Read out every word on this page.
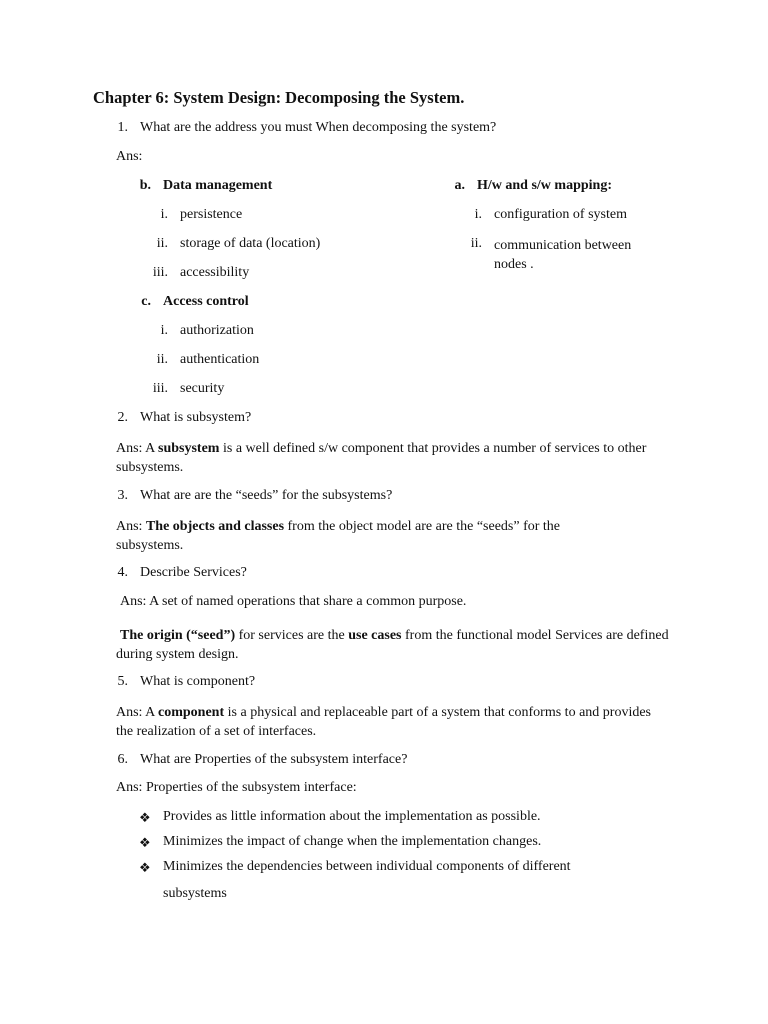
Chapter 6: System Design: Decomposing the System.
1. What are the address you must When decomposing the system?
Ans:
b. Data management
i. persistence
ii. storage of data (location)
iii. accessibility
c. Access control
i. authorization
ii. authentication
iii. security
a. H/w and s/w mapping:
i. configuration of system
ii. communication between nodes .
2. What is subsystem?
Ans: A subsystem is a well defined s/w component that provides a number of services to other subsystems.
3. What are are the “seeds” for the subsystems?
Ans: The objects and classes from the object model are are the “seeds” for the subsystems.
4. Describe Services?
Ans: A set of named operations that share a common purpose.
The origin (“seed”) for services are the use cases from the functional model Services are defined during system design.
5. What is component?
Ans: A component is a physical and replaceable part of a system that conforms to and provides the realization of a set of interfaces.
6. What are Properties of the subsystem interface?
Ans: Properties of the subsystem interface:
❖ Provides as little information about the implementation as possible.
❖ Minimizes the impact of change when the implementation changes.
❖ Minimizes the dependencies between individual components of different
subsystems
